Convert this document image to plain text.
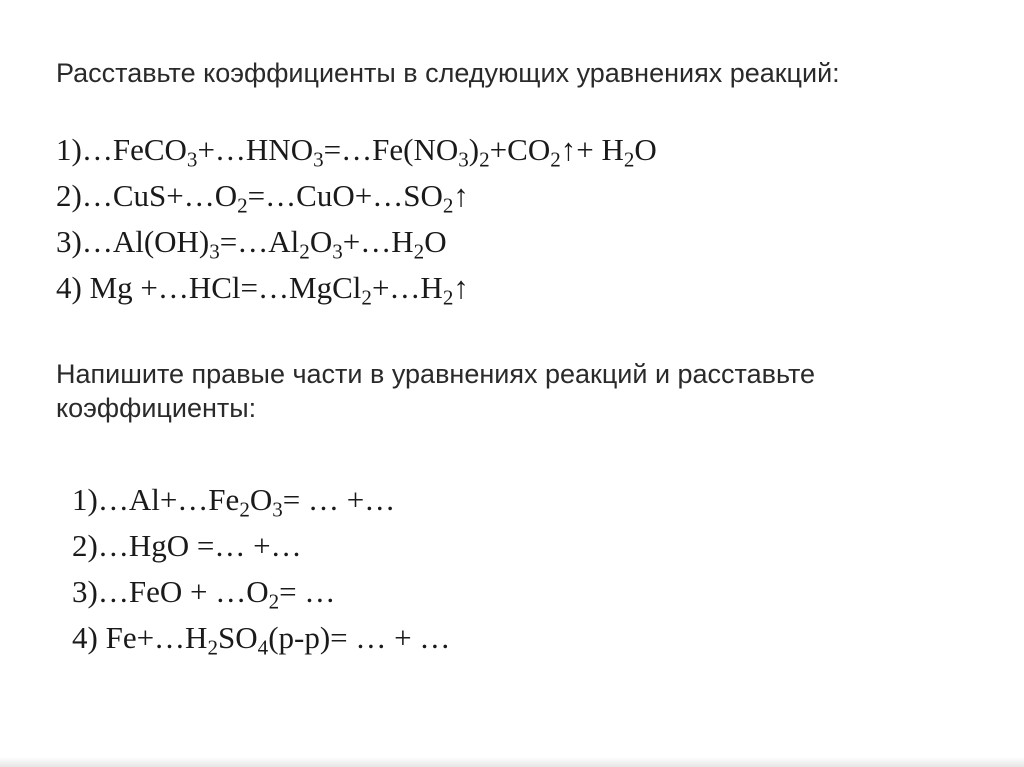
Расставьте коэффициенты в следующих уравнениях реакций:

$1)\dots FeCO_3+\dots HNO_3=\dots Fe(NO_3)_2+CO_2↑+ H_2O$
$2)\dots CuS+\dots O_2=\dots CuO+\dots SO_2↑$
$3)\dots Al(OH)_3=\dots Al_2O_3+\dots H_2O$
4) $Mg +\dots HCl=\dots MgCl_2+\dots H_2↑$

Напишите правые части в уравнениях реакций и расставьте коэффициенты:

$1)\dots Al+\dots Fe_2O_3=$ … +…
2)…HgO =… +…
3)…FeO + $\dots O_2=$ …
4) $Fe+\dots H_2SO_4(р-р)=$ … + …
